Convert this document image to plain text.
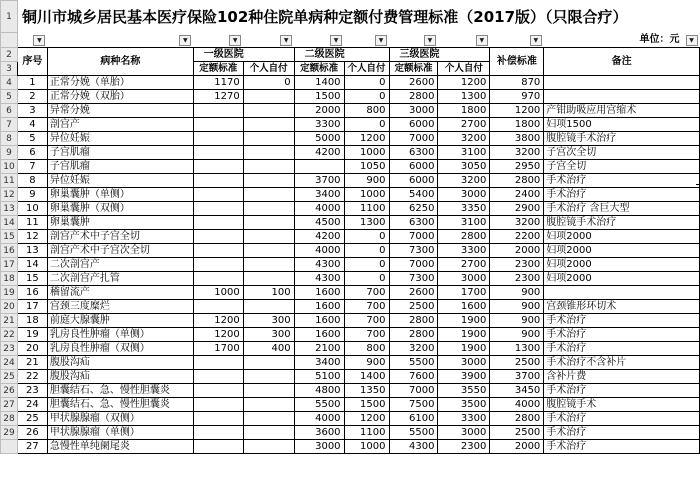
1	铜川市城乡居民基本医疗保险102种住院单病种定额付费管理标准（2017版）（只限合疗）									

	▼	▼	▼	▼	▼	▼	▼	▼	▼	单位：元 ▼

2	序号	病种名称	一级医院		二级医院		三级医院		补偿标准	备注
3			定额标准	个人自付	定额标准	个人自付	定额标准	个人自付		
4	1	正常分娩（单胎）	1170	0	1400	0	2600	1200	870	
5	2	正常分娩（双胎）	1270		1500	0	2800	1300	970	
6	3	异常分娩			2000	800	3000	1800	1200	产钳助吸应用宫缩术
7	4	剖宫产			3300	0	6000	2700	1800	妇项1500
8	5	异位妊娠			5000	1200	7000	3200	3800	腹腔镜手术治疗
9	6	子宫肌瘤			4200	1000	6300	3100	3200	子宫次全切
10	7	子宫肌瘤				1050	6000	3050	2950	子宫全切
11	8	异位妊娠			3700	900	6000	3200	2800	手术治疗
12	9	卵巢囊肿（单侧）			3400	1000	5400	3000	2400	手术治疗
13	10	卵巢囊肿（双侧）			4000	1100	6250	3350	2900	手术治疗 含巨大型
14	11	卵巢囊肿			4500	1300	6300	3100	3200	腹腔镜手术治疗
15	12	剖宫产术中子宫全切			4200	0	7000	2800	2200	妇项2000
16	13	剖宫产术中子宫次全切			4000	0	7300	3300	2000	妇项2000
17	14	二次剖宫产			4300	0	7000	2700	2300	妇项2000
18	15	二次剖宫产扎管			4300	0	7300	3000	2300	妇项2000
19	16	稽留流产	1000	100	1600	700	2600	1700	900	
20	17	宫颈三度糜烂			1600	700	2500	1600	900	宫颈锥形环切术
21	18	前庭大腺囊肿	1200	300	1600	700	2800	1900	900	手术治疗
22	19	乳房良性肿瘤（单侧）	1200	300	1600	700	2800	1900	900	手术治疗
23	20	乳房良性肿瘤（双侧）	1700	400	2100	800	3200	1900	1300	手术治疗
24	21	腹股沟疝			3400	900	5500	3000	2500	手术治疗不含补片
25	22	腹股沟疝			5100	1400	7600	3900	3700	含补片费
26	23	胆囊结石、急、慢性胆囊炎			4800	1350	7000	3550	3450	手术治疗
27	24	胆囊结石、急、慢性胆囊炎			5500	1500	7500	3500	4000	腹腔镜手术
28	25	甲状腺腺瘤（双侧）			4000	1200	6100	3300	2800	手术治疗
29	26	甲状腺腺瘤（单侧）			3600	1100	5500	3000	2500	手术治疗
	27	急慢性单纯阑尾炎			3000	1000	4300	2300	2000	手术治疗
